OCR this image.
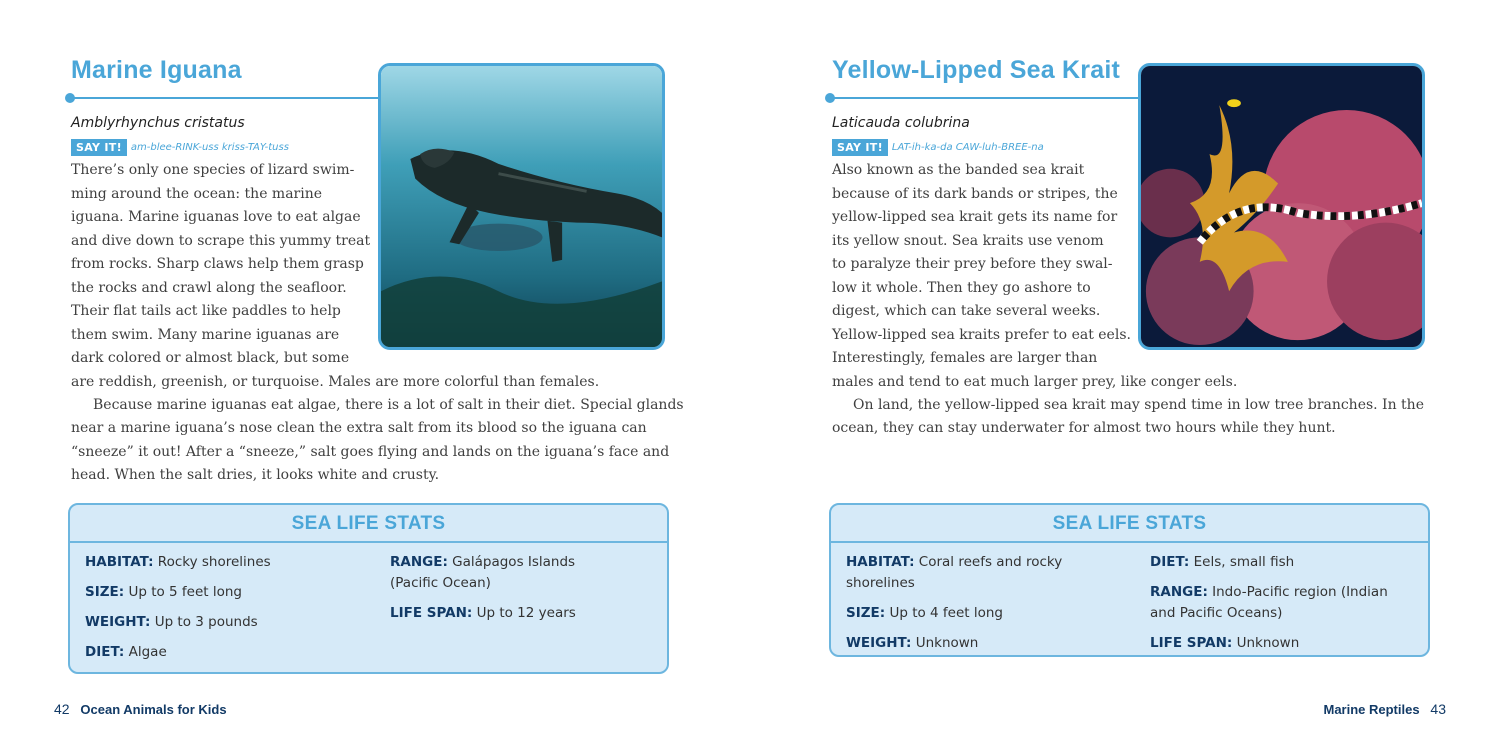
Marine Iguana

Amblyrhynchus cristatus

SAY IT! am-blee-RINK-uss kriss-TAY-tuss

There’s only one species of lizard swim-

ming around the ocean: the marine

iguana. Marine iguanas love to eat algae

and dive down to scrape this yummy treat

from rocks. Sharp claws help them grasp

the rocks and crawl along the seafloor.

Their flat tails act like paddles to help

them swim. Many marine iguanas are

dark colored or almost black, but some

are reddish, greenish, or turquoise. Males are more colorful than females.

Because marine iguanas eat algae, there is a lot of salt in their diet. Special glands

near a marine iguana’s nose clean the extra salt from its blood so the iguana can

“sneeze” it out! After a “sneeze,” salt goes flying and lands on the iguana’s face and

head. When the salt dries, it looks white and crusty.

SEA LIFE STATS

HABITAT: Rocky shorelines

SIZE: Up to 5 feet long

WEIGHT: Up to 3 pounds

DIET: Algae

RANGE: Galápagos Islands
(Pacific Ocean)

LIFE SPAN: Up to 12 years

42 Ocean Animals for Kids
Yellow-Lipped Sea Krait

Laticauda colubrina

SAY IT! LAT-ih-ka-da CAW-luh-BREE-na

Also known as the banded sea krait

because of its dark bands or stripes, the

yellow-lipped sea krait gets its name for

its yellow snout. Sea kraits use venom

to paralyze their prey before they swal-

low it whole. Then they go ashore to

digest, which can take several weeks.

Yellow-lipped sea kraits prefer to eat eels.

Interestingly, females are larger than

males and tend to eat much larger prey, like conger eels.

On land, the yellow-lipped sea krait may spend time in low tree branches. In the

ocean, they can stay underwater for almost two hours while they hunt.

SEA LIFE STATS

HABITAT: Coral reefs and rocky
shorelines

SIZE: Up to 4 feet long

WEIGHT: Unknown

DIET: Eels, small fish

RANGE: Indo-Pacific region (Indian
and Pacific Oceans)

LIFE SPAN: Unknown

Marine Reptiles 43
